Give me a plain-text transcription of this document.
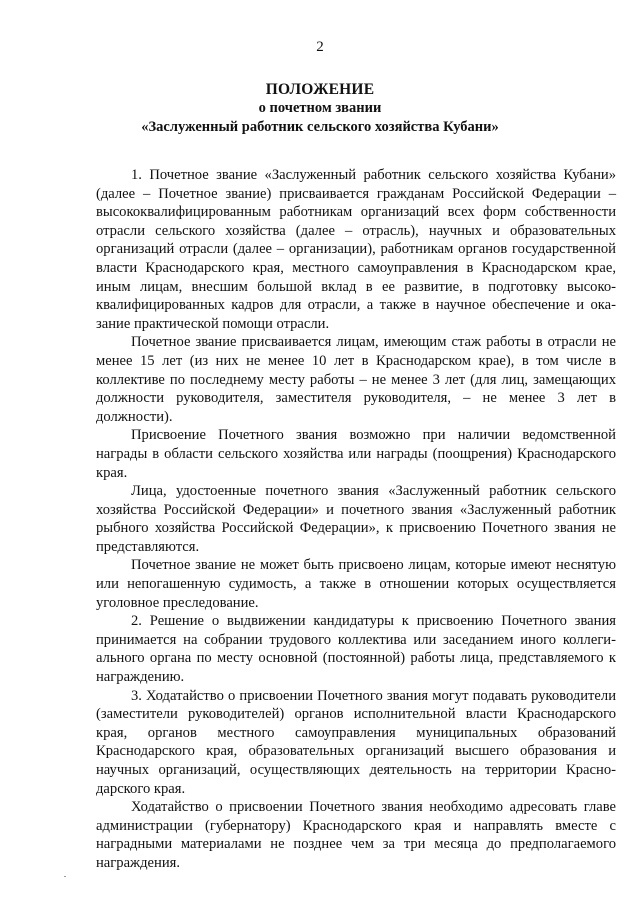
2
ПОЛОЖЕНИЕ
о почетном звании
«Заслуженный работник сельского хозяйства Кубани»

1. Почетное звание «Заслуженный работник сельского хозяйства Кубани» (далее – Почетное звание) присваивается гражданам Российской Федерации – высококвалифицированным работникам организаций всех форм собственности отрасли сельского хозяйства (далее – отрасль), научных и образовательных организаций отрасли (далее – организации), работникам органов государственной власти Краснодарского края, местного самоуправления в Краснодарском крае, иным лицам, внесшим большой вклад в ее развитие, в подготовку высококвалифицированных кадров для отрасли, а также в научное обеспечение и оказание практической помощи отрасли.

Почетное звание присваивается лицам, имеющим стаж работы в отрасли не менее 15 лет (из них не менее 10 лет в Краснодарском крае), в том числе в коллективе по последнему месту работы – не менее 3 лет (для лиц, замещающих должности руководителя, заместителя руководителя, – не менее 3 лет в должности).

Присвоение Почетного звания возможно при наличии ведомственной награды в области сельского хозяйства или награды (поощрения) Краснодарского края.

Лица, удостоенные почетного звания «Заслуженный работник сельского хозяйства Российской Федерации» и почетного звания «Заслуженный работник рыбного хозяйства Российской Федерации», к присвоению Почетного звания не представляются.

Почетное звание не может быть присвоено лицам, которые имеют неснятую или непогашенную судимость, а также в отношении которых осуществляется уголовное преследование.

2. Решение о выдвижении кандидатуры к присвоению Почетного звания принимается на собрании трудового коллектива или заседанием иного коллегиального органа по месту основной (постоянной) работы лица, представляемого к награждению.

3. Ходатайство о присвоении Почетного звания могут подавать руководители (заместители руководителей) органов исполнительной власти Краснодарского края, органов местного самоуправления муниципальных образований Краснодарского края, образовательных организаций высшего образования и научных организаций, осуществляющих деятельность на территории Краснодарского края.

Ходатайство о присвоении Почетного звания необходимо адресовать главе администрации (губернатору) Краснодарского края и направлять вместе с наградными материалами не позднее чем за три месяца до предполагаемого награждения.
